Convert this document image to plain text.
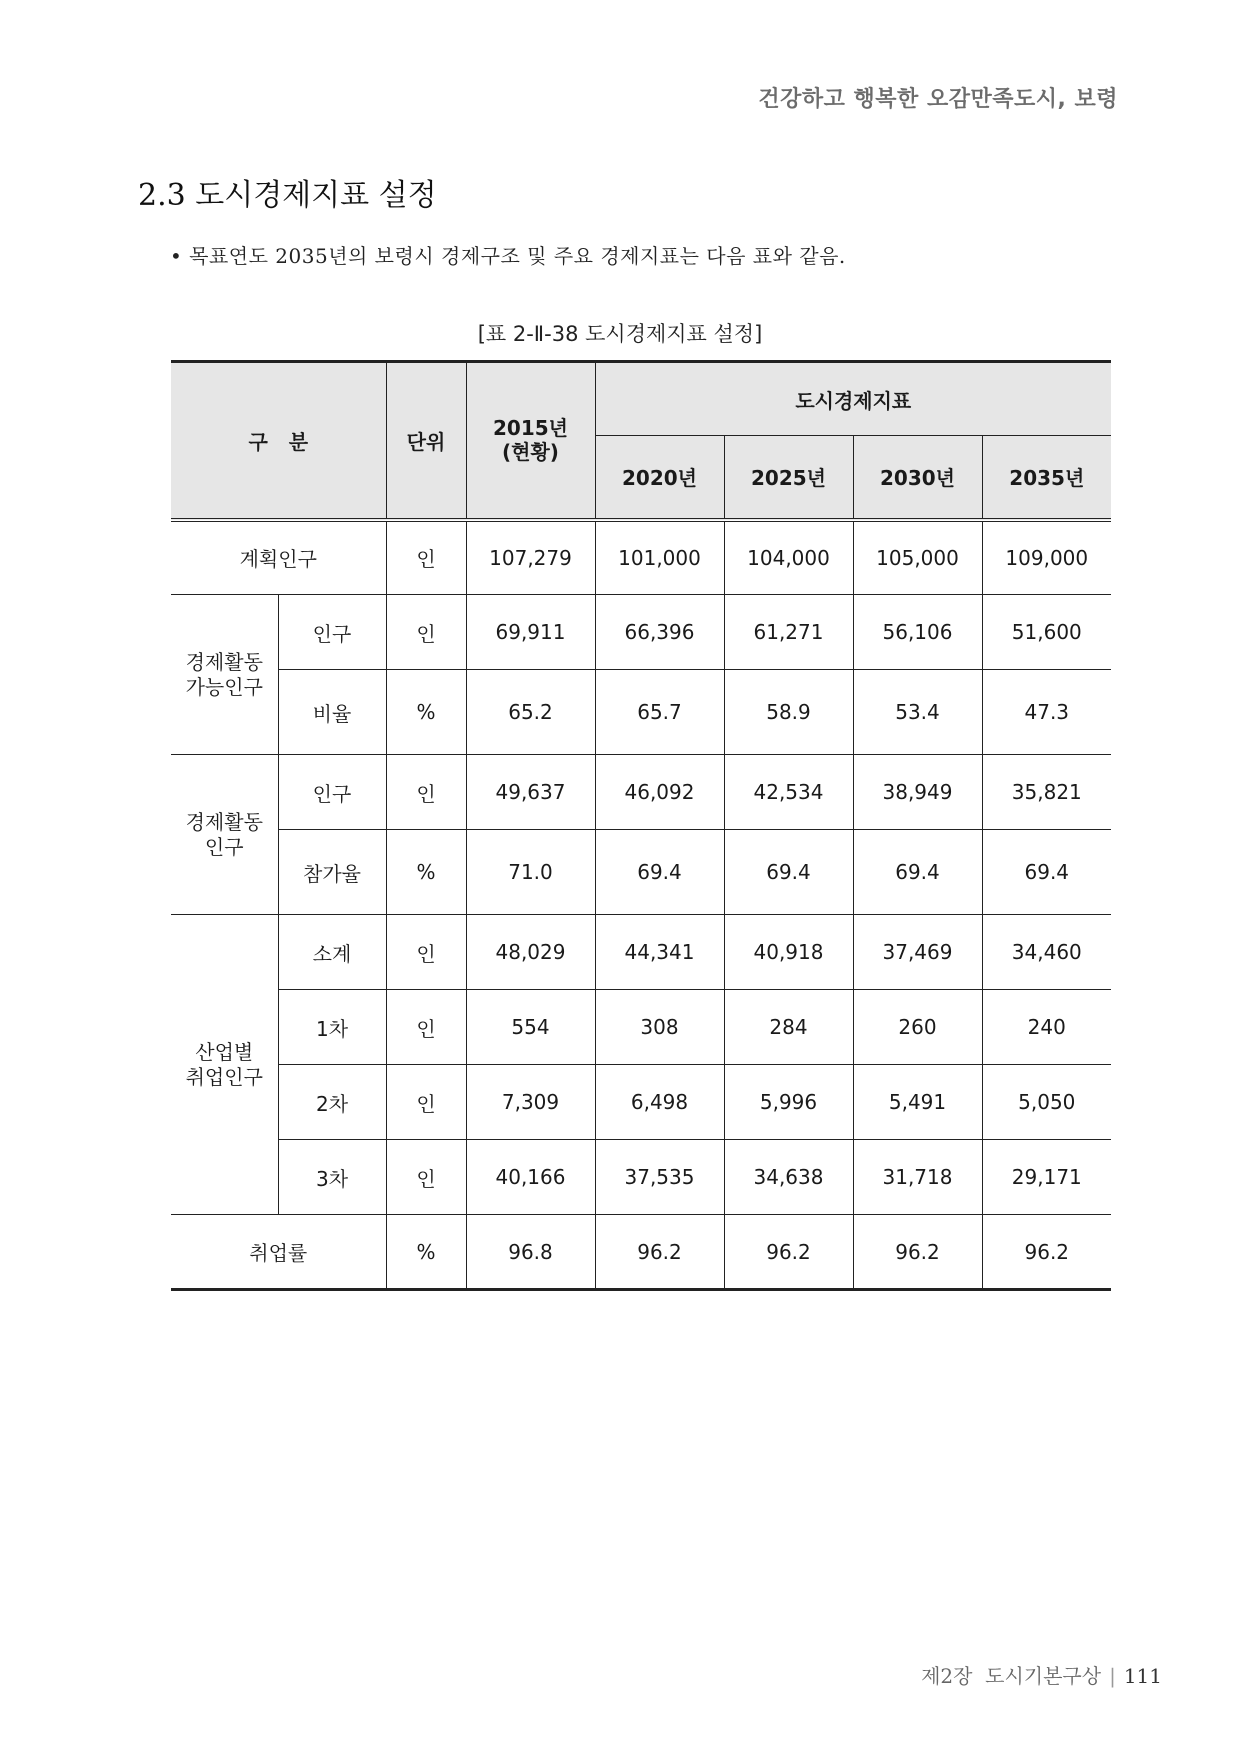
건강하고 행복한 오감만족도시, 보령
2.3 도시경제지표 설정
• 목표연도 2035년의 보령시 경제구조 및 주요 경제지표는 다음 표와 같음.
[표 2-Ⅱ-38 도시경제지표 설정]
구   분		단위	2015년
(현황)	도시경제지표			
				2020년	2025년	2030년	2035년
계획인구		인	107,279	101,000	104,000	105,000	109,000
경제활동
가능인구	인구	인	69,911	66,396	61,271	56,106	51,600
	비율	%	65.2	65.7	58.9	53.4	47.3
경제활동
인구	인구	인	49,637	46,092	42,534	38,949	35,821
	참가율	%	71.0	69.4	69.4	69.4	69.4
산업별
취업인구	소계	인	48,029	44,341	40,918	37,469	34,460
	1차	인	554	308	284	260	240
	2차	인	7,309	6,498	5,996	5,491	5,050
	3차	인	40,166	37,535	34,638	31,718	29,171
취업률		%	96.8	96.2	96.2	96.2	96.2
제2장  도시기본구상 | 111
